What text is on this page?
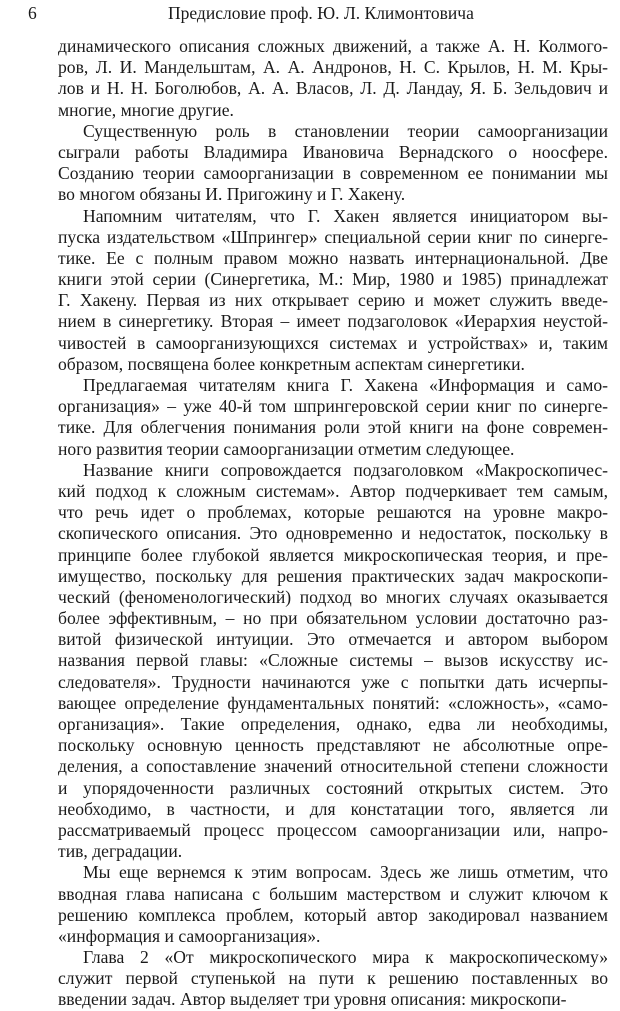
6	Предисловие проф. Ю. Л. Климонтовича
динамического описания сложных движений, а также А. Н. Колмого-
ров, Л. И. Мандельштам, А. А. Андронов, Н. С. Крылов, Н. М. Кры-
лов и Н. Н. Боголюбов, А. А. Власов, Л. Д. Ландау, Я. Б. Зельдович и
многие, многие другие.
Существенную роль в становлении теории самоорганизации
сыграли работы Владимира Ивановича Вернадского о ноосфере.
Созданию теории самоорганизации в современном ее понимании мы
во многом обязаны И. Пригожину и Г. Хакену.
Напомним читателям, что Г. Хакен является инициатором вы-
пуска издательством «Шпрингер» специальной серии книг по синерге-
тике. Ее с полным правом можно назвать интернациональной. Две
книги этой серии (Синергетика, М.: Мир, 1980 и 1985) принадлежат
Г. Хакену. Первая из них открывает серию и может служить введе-
нием в синергетику. Вторая – имеет подзаголовок «Иерархия неустой-
чивостей в самоорганизующихся системах и устройствах» и, таким
образом, посвящена более конкретным аспектам синергетики.
Предлагаемая читателям книга Г. Хакена «Информация и само-
организация» – уже 40-й том шпрингеровской серии книг по синерге-
тике. Для облегчения понимания роли этой книги на фоне современ-
ного развития теории самоорганизации отметим следующее.
Название книги сопровождается подзаголовком «Макроскопичес-
кий подход к сложным системам». Автор подчеркивает тем самым,
что речь идет о проблемах, которые решаются на уровне макро-
скопического описания. Это одновременно и недостаток, поскольку в
принципе более глубокой является микроскопическая теория, и пре-
имущество, поскольку для решения практических задач макроскопи-
ческий (феноменологический) подход во многих случаях оказывается
более эффективным, – но при обязательном условии достаточно раз-
витой физической интуиции. Это отмечается и автором выбором
названия первой главы: «Сложные системы – вызов искусству ис-
следователя». Трудности начинаются уже с попытки дать исчерпы-
вающее определение фундаментальных понятий: «сложность», «само-
организация». Такие определения, однако, едва ли необходимы,
поскольку основную ценность представляют не абсолютные опре-
деления, а сопоставление значений относительной степени сложности
и упорядоченности различных состояний открытых систем. Это
необходимо, в частности, и для констатации того, является ли
рассматриваемый процесс процессом самоорганизации или, напро-
тив, деградации.
Мы еще вернемся к этим вопросам. Здесь же лишь отметим, что
вводная глава написана с большим мастерством и служит ключом к
решению комплекса проблем, который автор закодировал названием
«информация и самоорганизация».
Глава 2 «От микроскопического мира к макроскопическому»
служит первой ступенькой на пути к решению поставленных во
введении задач. Автор выделяет три уровня описания: микроскопи-
